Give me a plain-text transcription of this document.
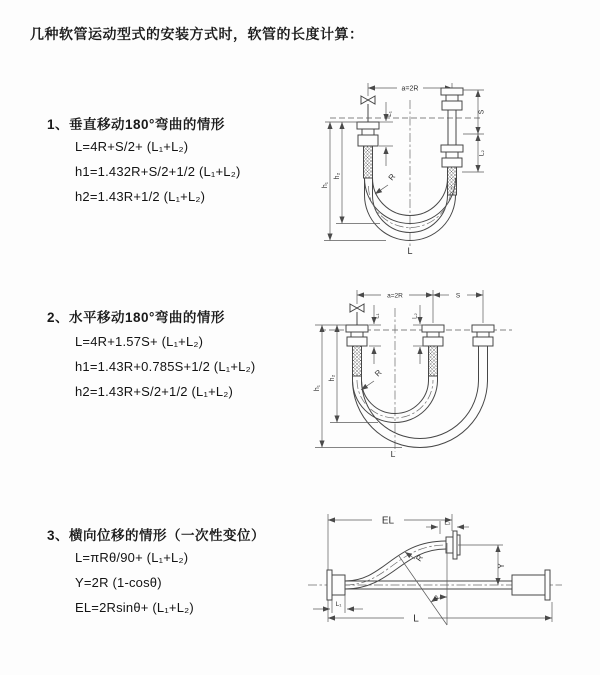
几种软管运动型式的安装方式时，软管的长度计算：
1、垂直移动180°弯曲的情形
L=4R+S/2+ (L₁+L₂)
h1=1.432R+S/2+1/2 (L₁+L₂)
h2=1.43R+1/2 (L₁+L₂)
2、水平移动180°弯曲的情形
L=4R+1.57S+ (L₁+L₂)
h1=1.43R+0.785S+1/2 (L₁+L₂)
h2=1.43R+S/2+1/2 (L₁+L₂)
3、横向位移的情形（一次性变位）
L=πRθ/90+ (L₁+L₂)
Y=2R (1-cosθ)
EL=2Rsinθ+ (L₁+L₂)
a=2R
R
h₁
h₂
L₁	S
L₂
L
a=2R	S
R
h₁
h₂
L₁	L₂
L
EL	L₂
Y
R
θ
L₁
L
